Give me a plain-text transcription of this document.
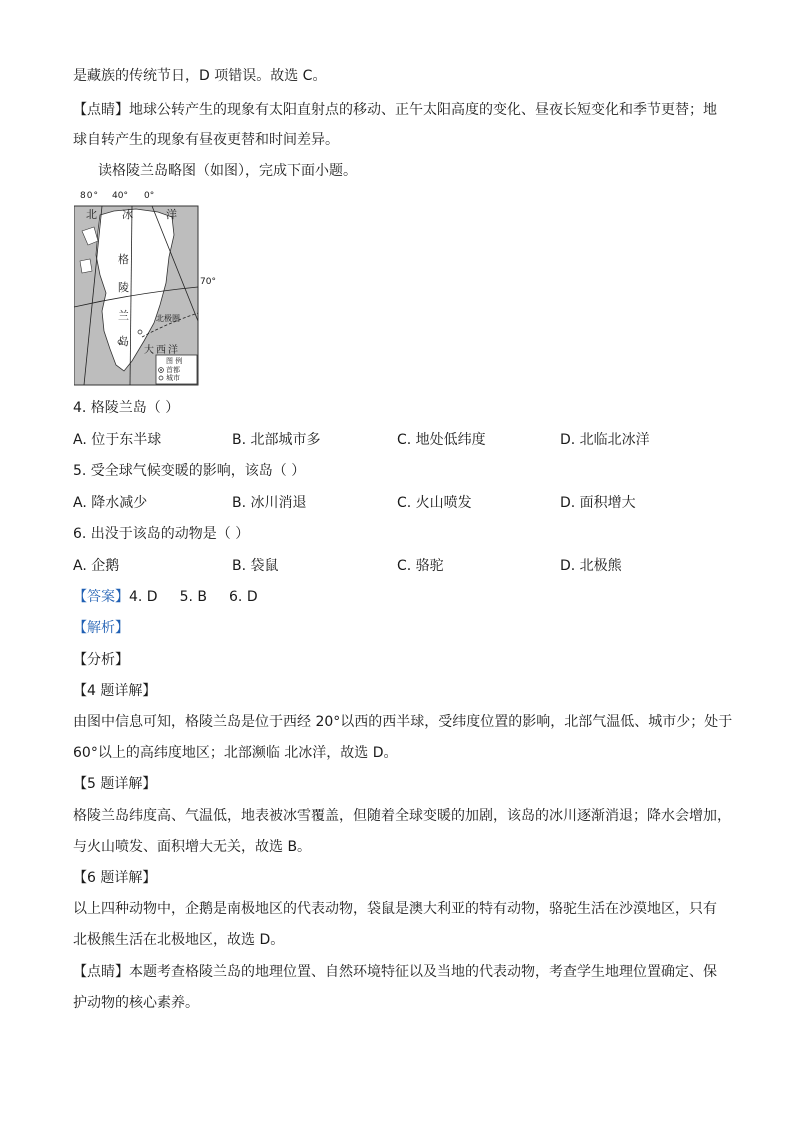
是藏族的传统节日，D 项错误。故选 C。
【点睛】地球公转产生的现象有太阳直射点的移动、正午太阳高度的变化、昼夜长短变化和季节更替；地
球自转产生的现象有昼夜更替和时间差异。
读格陵兰岛略图（如图），完成下面小题。
80° 40° 0°
70°
北 冰	洋
格
陵
兰
岛
北极圈
大西洋
图 例
首都
城市
4. 格陵兰岛（ ）
A. 位于东半球	B. 北部城市多	C. 地处低纬度	D. 北临北冰洋
5. 受全球气候变暖的影响，该岛（ ）
A. 降水减少	B. 冰川消退	C. 火山喷发	D. 面积增大
6. 出没于该岛的动物是（ ）
A. 企鹅	B. 袋鼠	C. 骆驼	D. 北极熊
【答案】4. D 5. B 6. D
【解析】
【分析】
【4 题详解】
由图中信息可知，格陵兰岛是位于西经 20°以西的西半球，受纬度位置的影响，北部气温低、城市少；处于
60°以上的高纬度地区；北部濒临 北冰洋，故选 D。
【5 题详解】
格陵兰岛纬度高、气温低，地表被冰雪覆盖，但随着全球变暖的加剧，该岛的冰川逐渐消退；降水会增加，
与火山喷发、面积增大无关，故选 B。
【6 题详解】
以上四种动物中，企鹅是南极地区的代表动物，袋鼠是澳大利亚的特有动物，骆驼生活在沙漠地区，只有
北极熊生活在北极地区，故选 D。
【点睛】本题考查格陵兰岛的地理位置、自然环境特征以及当地的代表动物，考查学生地理位置确定、保
护动物的核心素养。
